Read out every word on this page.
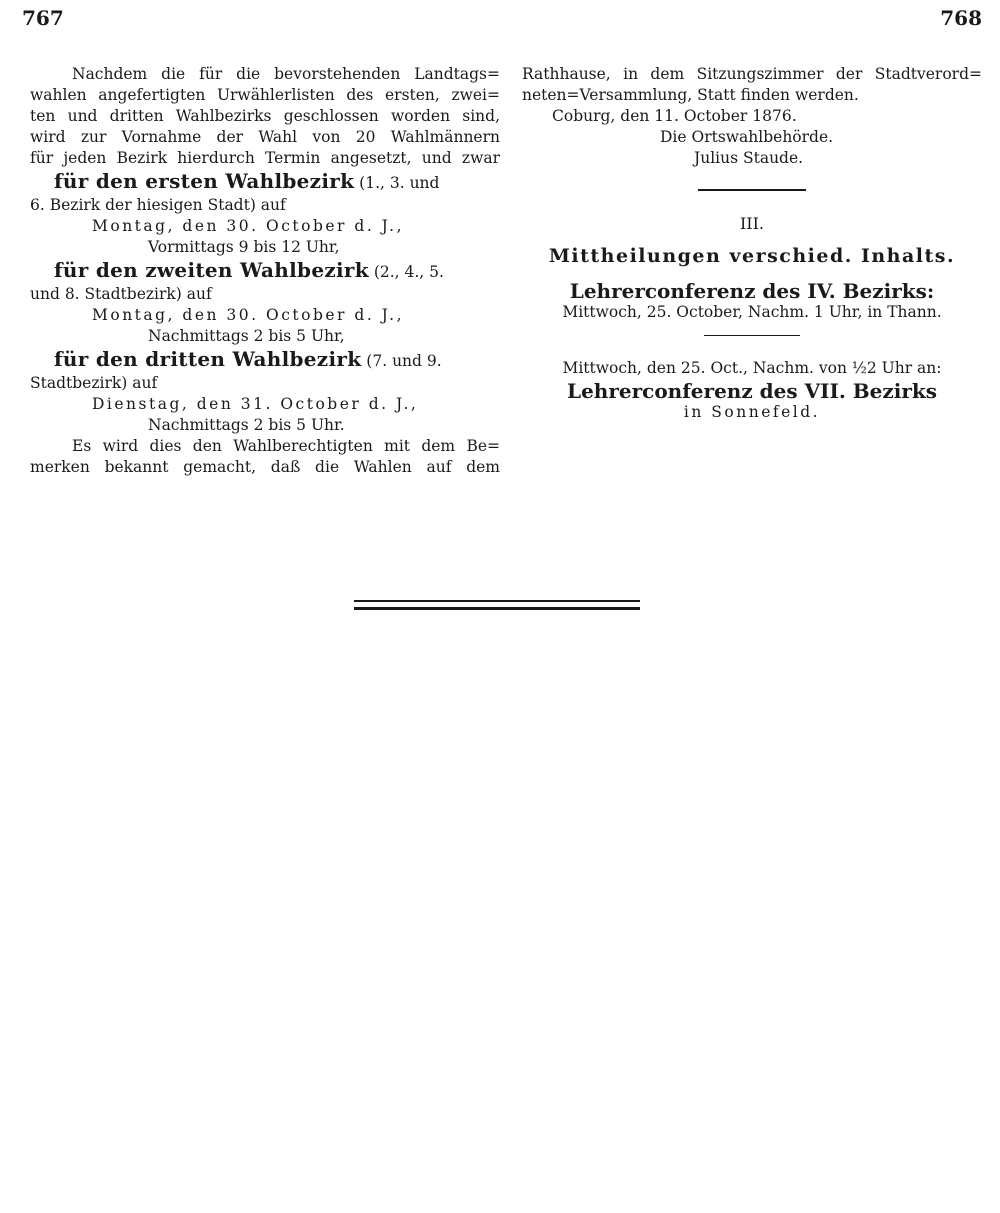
767	768
Nachdem die für die bevorstehenden Landtags=
wahlen angefertigten Urwählerlisten des ersten, zwei=
ten und dritten Wahlbezirks geschlossen worden sind,
wird zur Vornahme der Wahl von 20 Wahlmännern
für jeden Bezirk hierdurch Termin angesetzt, und zwar
für den ersten Wahlbezirk (1., 3. und
6. Bezirk der hiesigen Stadt) auf
Montag, den 30. October d. J.,
Vormittags 9 bis 12 Uhr,
für den zweiten Wahlbezirk (2., 4., 5.
und 8. Stadtbezirk) auf
Montag, den 30. October d. J.,
Nachmittags 2 bis 5 Uhr,
für den dritten Wahlbezirk (7. und 9.
Stadtbezirk) auf
Dienstag, den 31. October d. J.,
Nachmittags 2 bis 5 Uhr.
Es wird dies den Wahlberechtigten mit dem Be=
merken bekannt gemacht, daß die Wahlen auf dem
Rathhause, in dem Sitzungszimmer der Stadtverord=
neten=Versammlung, Statt finden werden.
Coburg, den 11. October 1876.
Die Ortswahlbehörde.
Julius Staude.
III.
Mittheilungen verschied. Inhalts.
Lehrerconferenz des IV. Bezirks:
Mittwoch, 25. October, Nachm. 1 Uhr, in Thann.
Mittwoch, den 25. Oct., Nachm. von ½2 Uhr an:
Lehrerconferenz des VII. Bezirks
in Sonnefeld.
